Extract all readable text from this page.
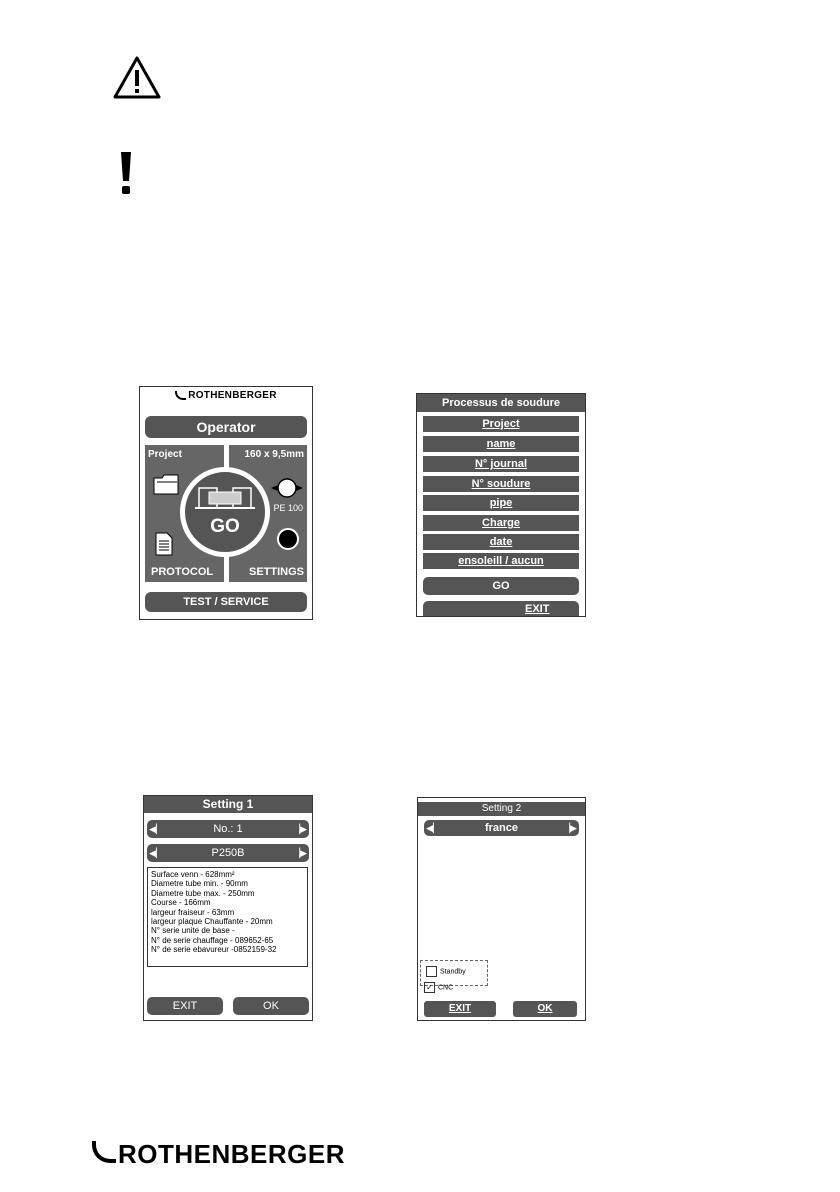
ROTHENBERGER
Operator
Project	160 x 9,5mm
PE 100
PROTOCOL	SETTINGS
GO
TEST / SERVICE
Processus de soudure
Project
name
N° journal
N° soudure
pipe
Charge
date
ensoleill / aucun
GO
EXIT
Setting 1
◀▏	No.: 1	▕▶
◀▏	P250B	▕▶
Surface venn - 628mm²
Diametre tube min. - 90mm
Diametre tube max. - 250mm
Course - 166mm
largeur fraiseur - 63mm
largeur plaque Chauffante - 20mm
N° serie unite de base -
N° de serie chauffage - 089652-65
N° de serie ebavureur -0852159-32
EXIT	OK
Setting 2
◀▏	france	▕▶
Standby
✓ CNC
EXIT	OK
ROTHENBERGER
